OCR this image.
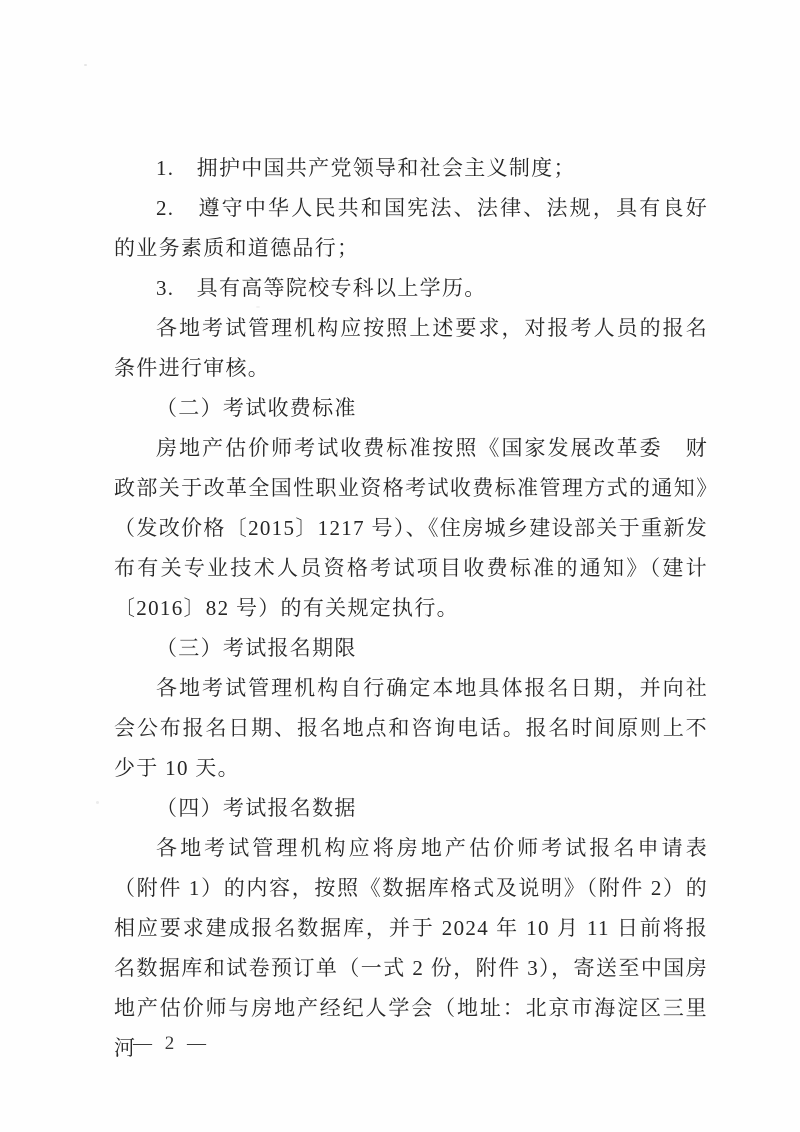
1.　拥护中国共产党领导和社会主义制度；

2.　遵守中华人民共和国宪法、法律、法规，具有良好的业务素质和道德品行；

3.　具有高等院校专科以上学历。

各地考试管理机构应按照上述要求，对报考人员的报名条件进行审核。

（二）考试收费标准

房地产估价师考试收费标准按照《国家发展改革委　财政部关于改革全国性职业资格考试收费标准管理方式的通知》（发改价格〔2015〕1217 号）、《住房城乡建设部关于重新发布有关专业技术人员资格考试项目收费标准的通知》（建计〔2016〕82 号）的有关规定执行。

（三）考试报名期限

各地考试管理机构自行确定本地具体报名日期，并向社会公布报名日期、报名地点和咨询电话。报名时间原则上不少于 10 天。

（四）考试报名数据

各地考试管理机构应将房地产估价师考试报名申请表（附件 1）的内容，按照《数据库格式及说明》（附件 2）的相应要求建成报名数据库，并于 2024 年 10 月 11 日前将报名数据库和试卷预订单（一式 2 份，附件 3），寄送至中国房地产估价师与房地产经纪人学会（地址：北京市海淀区三里河

— 2 —
